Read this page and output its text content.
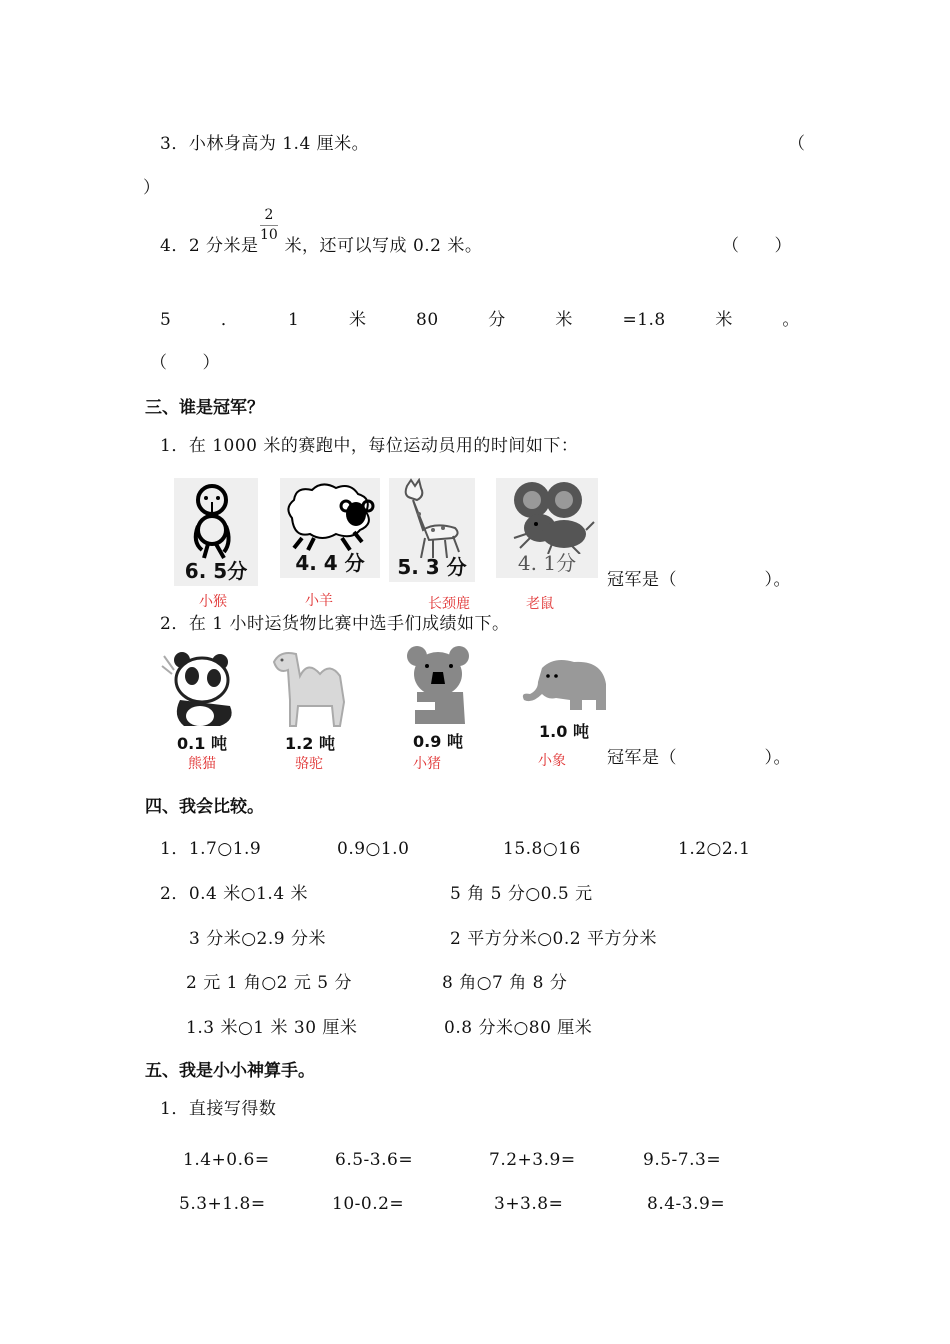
3．小林身高为 1.4 厘米。	（
）
$\frac{2}{10}$
4．2 分米是 米，还可以写成 0.2 米。	（　　）
5	．	1	米	80	分	米	=1.8	米	。
（　　）
三、谁是冠军？
1．在 1000 米的赛跑中，每位运动员用的时间如下：
6. 5分
小猴
4. 4 分
小羊
5. 3 分
长颈鹿
4. 1分
老鼠
冠军是（　　　　　）。
2．在 1 小时运货物比赛中选手们成绩如下。
0.1 吨
熊猫
1.2 吨
骆驼
0.9 吨
小猪
1.0 吨
小象 冠军是（　　　　　）。
四、我会比较。
1．1.7○1.9	0.9○1.0	15.8○16	1.2○2.1
2．0.4 米○1.4 米	5 角 5 分○0.5 元
3 分米○2.9 分米	2 平方分米○0.2 平方分米
2 元 1 角○2 元 5 分	8 角○7 角 8 分
1.3 米○1 米 30 厘米	0.8 分米○80 厘米
五、我是小小神算手。
1．直接写得数
1.4+0.6=	6.5-3.6=	7.2+3.9=	9.5-7.3=
5.3+1.8=	10-0.2=	3+3.8=	8.4-3.9=
